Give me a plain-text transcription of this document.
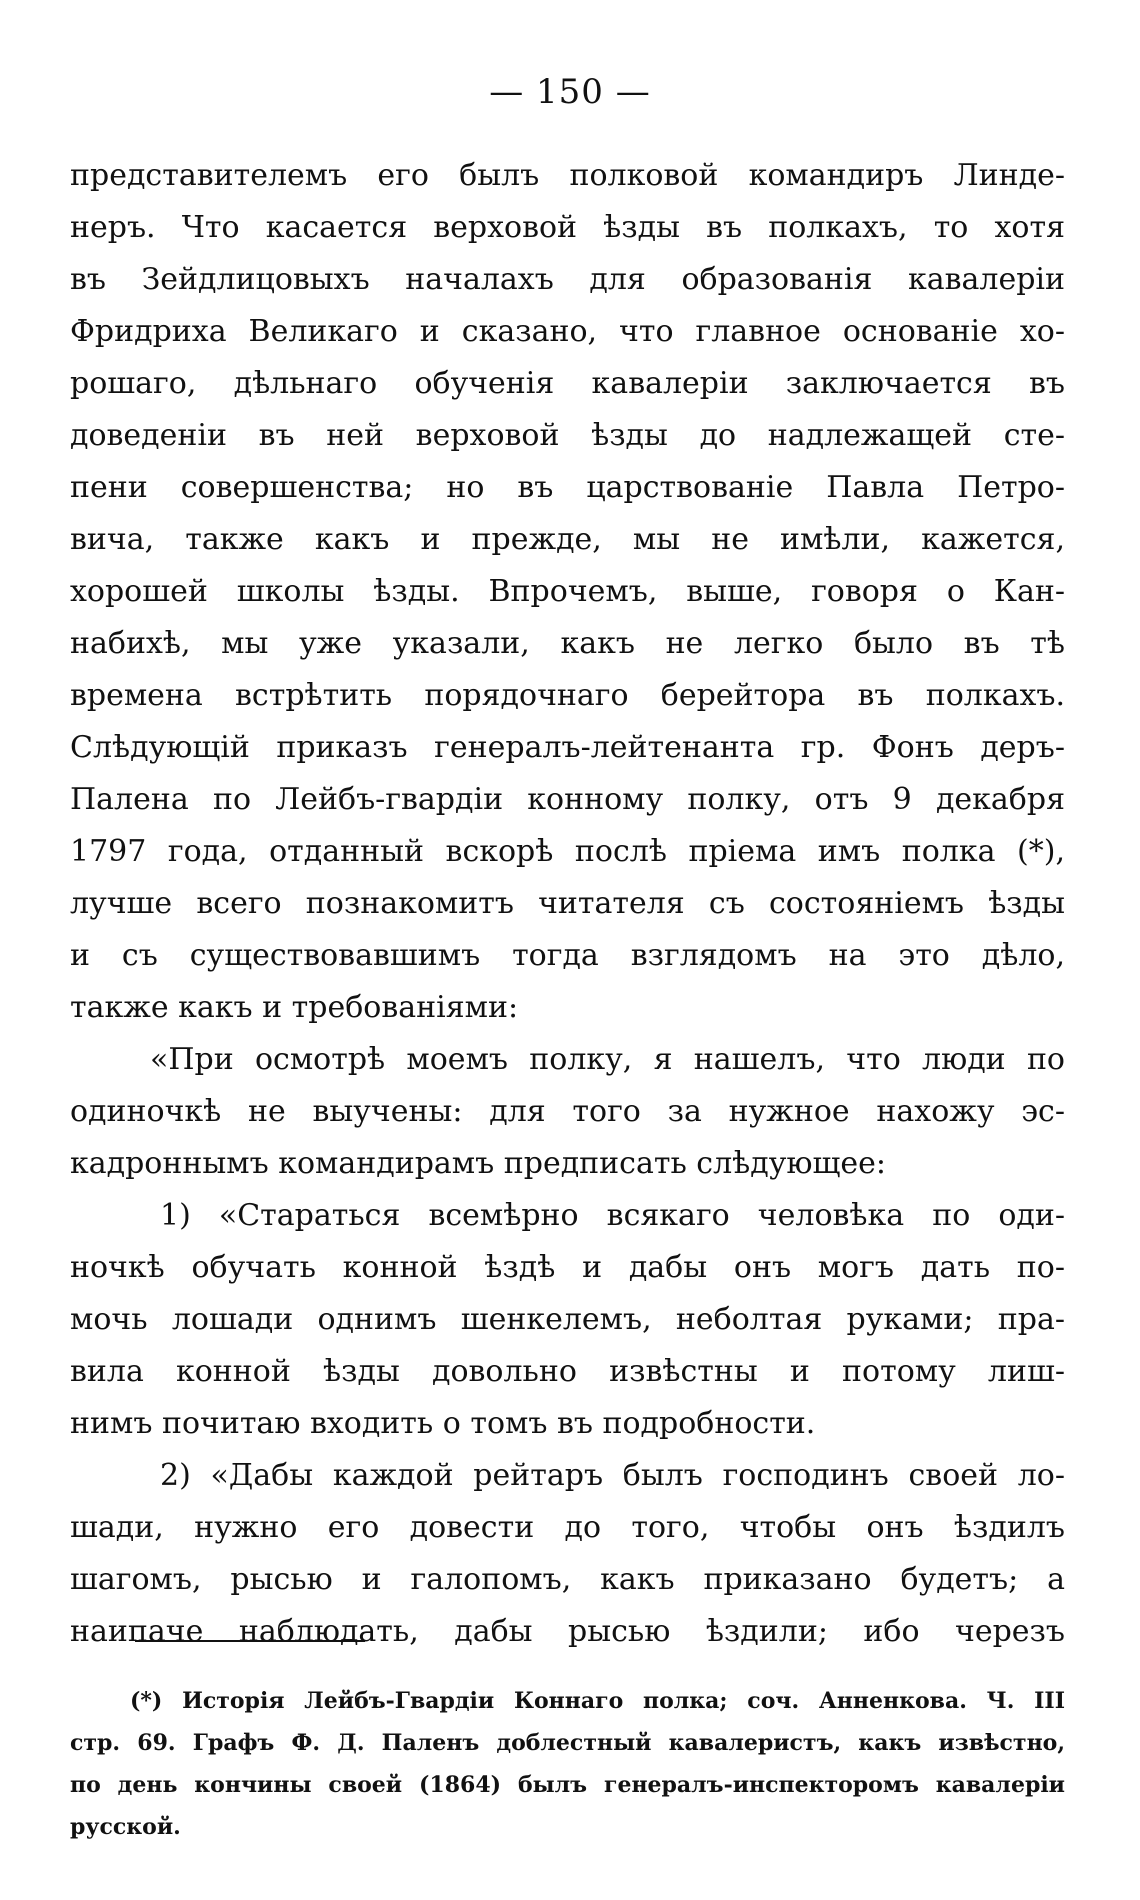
— 150 —
представителемъ его былъ полковой командиръ Линде-
неръ. Что касается верховой ѣзды въ полкахъ, то хотя
въ Зейдлицовыхъ началахъ для образованія кавалеріи
Фридриха Великаго и сказано, что главное основаніе хо-
рошаго, дѣльнаго обученія кавалеріи заключается въ
доведеніи въ ней верховой ѣзды до надлежащей сте-
пени совершенства; но въ царствованіе Павла Петро-
вича, также какъ и прежде, мы не имѣли, кажется,
хорошей школы ѣзды. Впрочемъ, выше, говоря о Кан-
набихѣ, мы уже указали, какъ не легко было въ тѣ
времена встрѣтить порядочнаго берейтора въ полкахъ.
Слѣдующій приказъ генералъ-лейтенанта гр. Фонъ деръ-
Палена по Лейбъ-гвардіи конному полку, отъ 9 декабря
1797 года, отданный вскорѣ послѣ пріема имъ полка (*),
лучше всего познакомитъ читателя съ состояніемъ ѣзды
и съ существовавшимъ тогда взглядомъ на это дѣло,
также какъ и требованіями:
«При осмотрѣ моемъ полку, я нашелъ, что люди по
одиночкѣ не выучены: для того за нужное нахожу эс-
кадроннымъ командирамъ предписать слѣдующее:
1) «Стараться всемѣрно всякаго человѣка по оди-
ночкѣ обучать конной ѣздѣ и дабы онъ могъ дать по-
мочь лошади однимъ шенкелемъ, неболтая руками; пра-
вила конной ѣзды довольно извѣстны и потому лиш-
нимъ почитаю входить о томъ въ подробности.
2) «Дабы каждой рейтаръ былъ господинъ своей ло-
шади, нужно его довести до того, чтобы онъ ѣздилъ
шагомъ, рысью и галопомъ, какъ приказано будетъ; а
наипаче наблюдать, дабы рысью ѣздили; ибо черезъ
(*) Исторія Лейбъ-Гвардіи Коннаго полка; соч. Анненкова. Ч. III
стр. 69. Графъ Ф. Д. Паленъ доблестный кавалеристъ, какъ извѣстно,
по день кончины своей (1864) былъ генералъ-инспекторомъ кавалеріи
русской.
